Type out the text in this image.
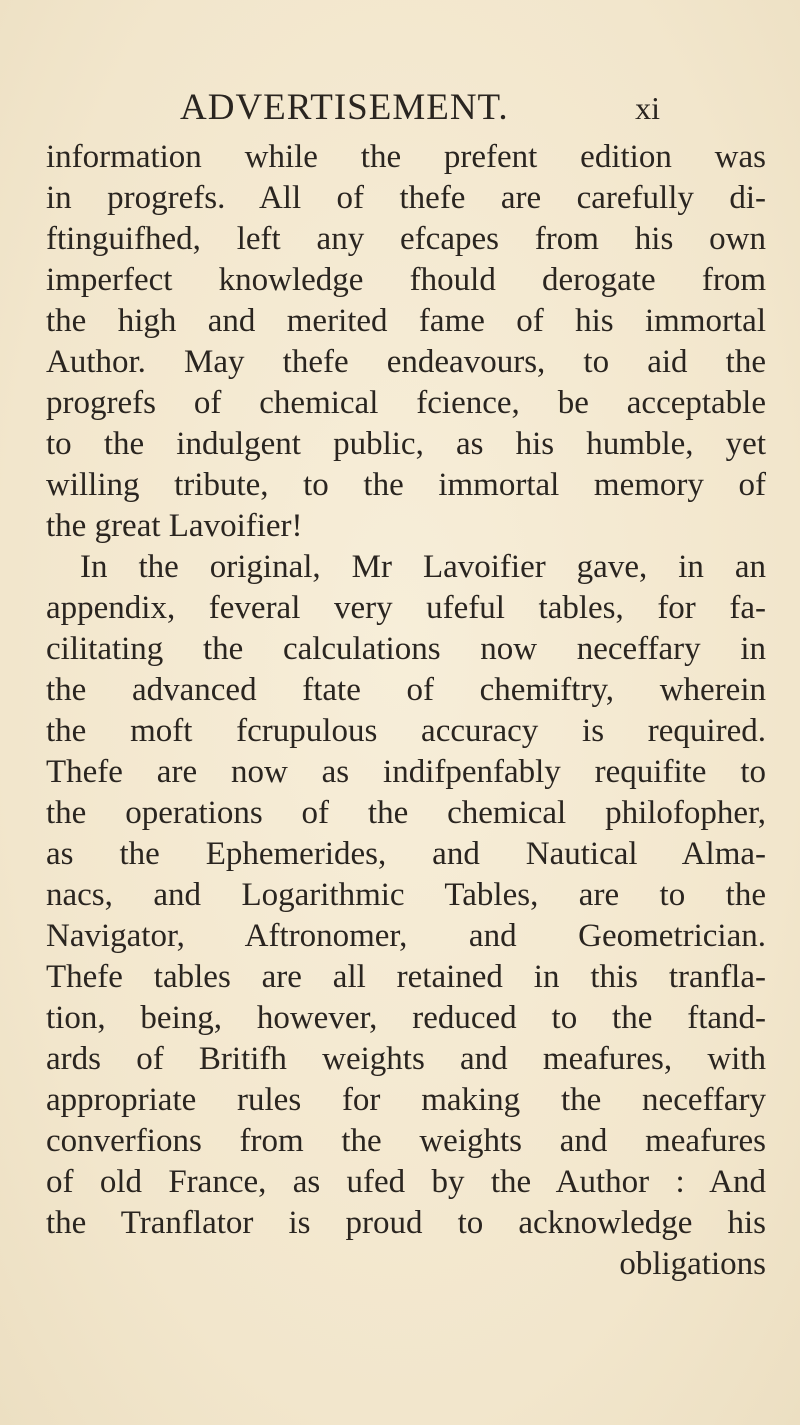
ADVERTISEMENT.	xi
information while the prefent edition was
in progrefs. All of thefe are carefully di-
ftinguifhed, left any efcapes from his own
imperfect knowledge fhould derogate from
the high and merited fame of his immortal
Author. May thefe endeavours, to aid the
progrefs of chemical fcience, be acceptable
to the indulgent public, as his humble, yet
willing tribute, to the immortal memory of
the great Lavoifier!
In the original, Mr Lavoifier gave, in an
appendix, feveral very ufeful tables, for fa-
cilitating the calculations now neceffary in
the advanced ftate of chemiftry, wherein
the moft fcrupulous accuracy is required.
Thefe are now as indifpenfably requifite to
the operations of the chemical philofopher,
as the Ephemerides, and Nautical Alma-
nacs, and Logarithmic Tables, are to the
Navigator, Aftronomer, and Geometrician.
Thefe tables are all retained in this tranfla-
tion, being, however, reduced to the ftand-
ards of Britifh weights and meafures, with
appropriate rules for making the neceffary
converfions from the weights and meafures
of old France, as ufed by the Author : And
the Tranflator is proud to acknowledge his
obligations
